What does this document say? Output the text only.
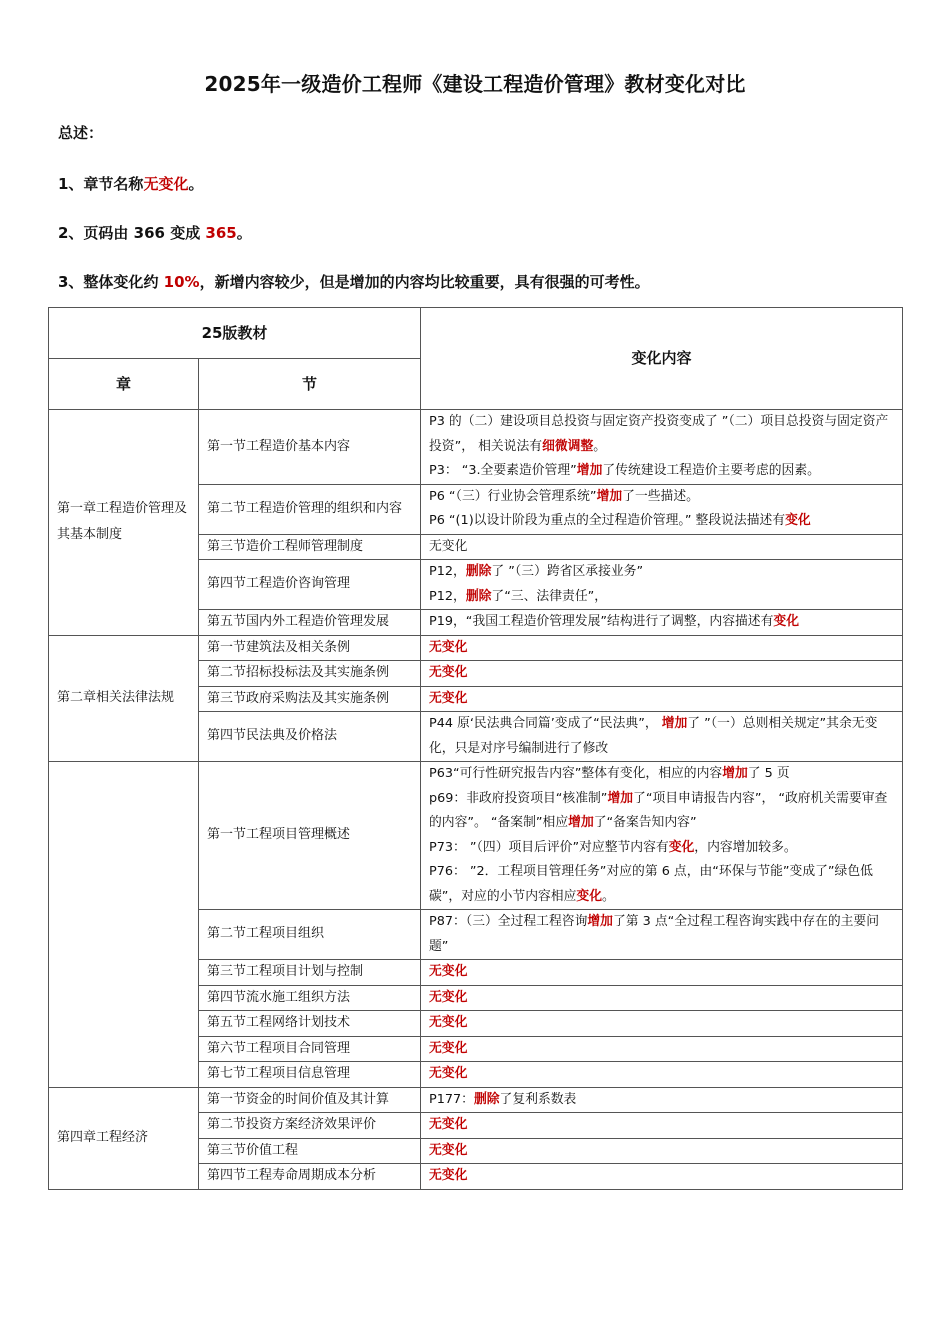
2025年一级造价工程师《建设工程造价管理》教材变化对比
总述：
1、章节名称无变化。
2、页码由 366 变成 365。
3、整体变化约 10%，新增内容较少，但是增加的内容均比较重要，具有很强的可考性。
25版教材		变化内容
章	节	
第一章工程造价管理及其基本制度	第一节工程造价基本内容	P3 的（二）建设项目总投资与固定资产投资变成了 ”（二）项目总投资与固定资产投资”， 相关说法有细微调整。
P3： “3.全要素造价管理”增加了传统建设工程造价主要考虑的因素。

	第二节工程造价管理的组织和内容	P6 “（三）行业协会管理系统”增加了一些描述。
P6 “(1)以设计阶段为重点的全过程造价管理。” 整段说法描述有变化

	第三节造价工程师管理制度	无变化

	第四节工程造价咨询管理	P12，删除了 ”（三）跨省区承接业务”
P12，删除了“三、法律责任”，

	第五节国内外工程造价管理发展	P19，“我国工程造价管理发展”结构进行了调整，内容描述有变化

第二章相关法律法规	第一节建筑法及相关条例	无变化

	第二节招标投标法及其实施条例	无变化

	第三节政府采购法及其实施条例	无变化

	第四节民法典及价格法	P44 原‘民法典合同篇’变成了“民法典”， 增加了 ”（一）总则相关规定”其余无变化，只是对序号编制进行了修改

	第一节工程项目管理概述	P63“可行性研究报告内容”整体有变化，相应的内容增加了 5 页
p69：非政府投资项目“核准制”增加了“项目申请报告内容”， “政府机关需要审查的内容”。 “备案制”相应增加了“备案告知内容”
P73： ”（四）项目后评价”对应整节内容有变化，内容增加较多。
P76： ”2．工程项目管理任务”对应的第 6 点，由“环保与节能”变成了”绿色低碳”，对应的小节内容相应变化。

	第二节工程项目组织	P87：（三）全过程工程咨询增加了第 3 点“全过程工程咨询实践中存在的主要问题”

	第三节工程项目计划与控制	无变化

	第四节流水施工组织方法	无变化

	第五节工程网络计划技术	无变化

	第六节工程项目合同管理	无变化

	第七节工程项目信息管理	无变化

第四章工程经济	第一节资金的时间价值及其计算	P177：删除了复利系数表

	第二节投资方案经济效果评价	无变化

	第三节价值工程	无变化

	第四节工程寿命周期成本分析	无变化
